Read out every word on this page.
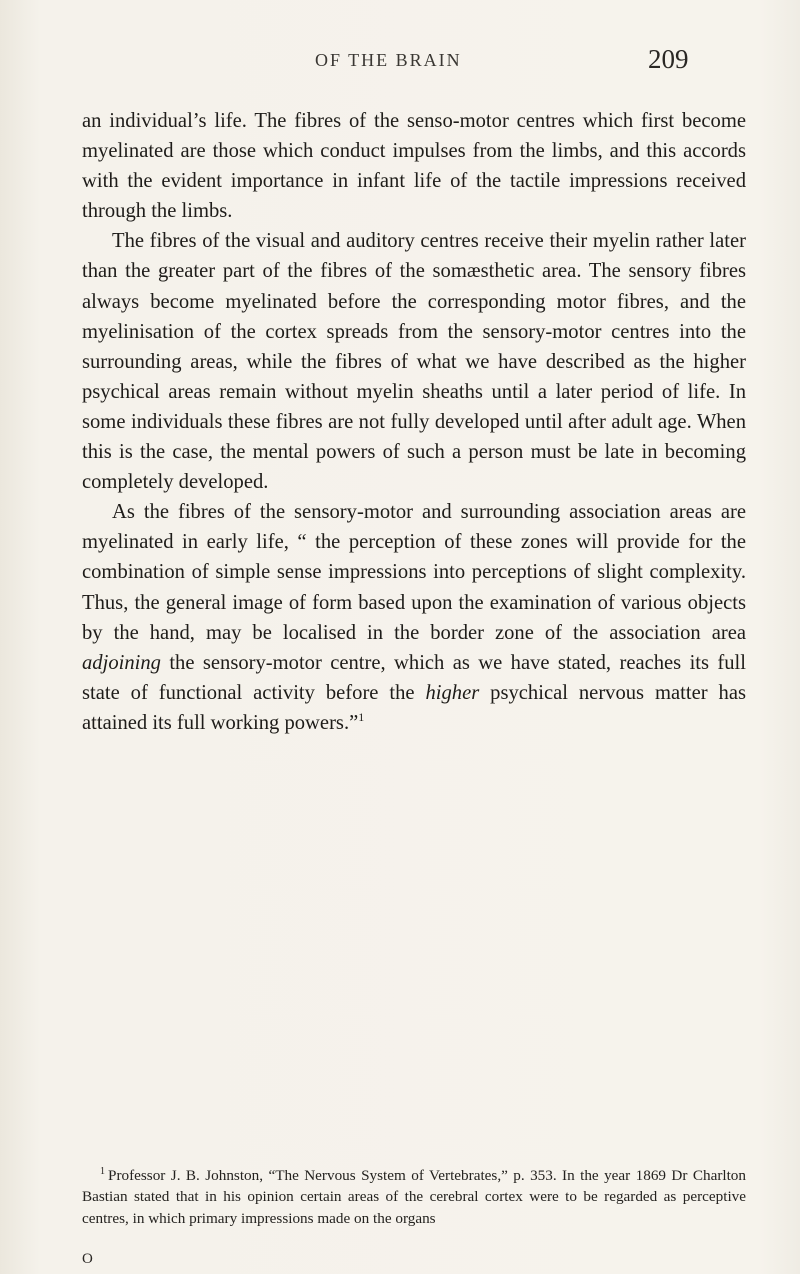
OF THE BRAIN	209

an individual’s life. The fibres of the senso-motor centres which first become myelinated are those which conduct impulses from the limbs, and this accords with the evident importance in infant life of the tactile impressions received through the limbs.

The fibres of the visual and auditory centres receive their myelin rather later than the greater part of the fibres of the somæsthetic area. The sensory fibres always become myelinated before the corresponding motor fibres, and the myelinisation of the cortex spreads from the sensory-motor centres into the surrounding areas, while the fibres of what we have described as the higher psychical areas remain without myelin sheaths until a later period of life. In some individuals these fibres are not fully developed until after adult age. When this is the case, the mental powers of such a person must be late in becoming completely developed.

As the fibres of the sensory-motor and surrounding association areas are myelinated in early life, “ the perception of these zones will provide for the combination of simple sense impressions into perceptions of slight complexity. Thus, the general image of form based upon the examination of various objects by the hand, may be localised in the border zone of the association area adjoining the sensory-motor centre, which as we have stated, reaches its full state of functional activity before the higher psychical nervous matter has attained its full working powers.”$^1$

$^1$ Professor J. B. Johnston, “The Nervous System of Vertebrates,” p. 353. In the year 1869 Dr Charlton Bastian stated that in his opinion certain areas of the cerebral cortex were to be regarded as perceptive centres, in which primary impressions made on the organs

O
